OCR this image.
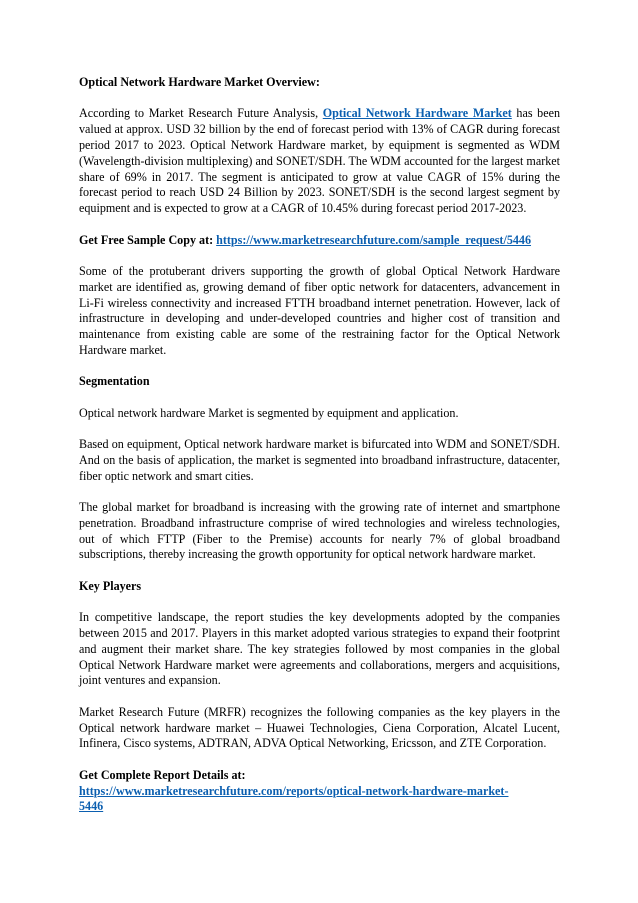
Optical Network Hardware Market Overview:

According to Market Research Future Analysis, Optical Network Hardware Market has been valued at approx. USD 32 billion by the end of forecast period with 13% of CAGR during forecast period 2017 to 2023. Optical Network Hardware market, by equipment is segmented as WDM (Wavelength-division multiplexing) and SONET/SDH. The WDM accounted for the largest market share of 69% in 2017. The segment is anticipated to grow at value CAGR of 15% during the forecast period to reach USD 24 Billion by 2023. SONET/SDH is the second largest segment by equipment and is expected to grow at a CAGR of 10.45% during forecast period 2017-2023.

Get Free Sample Copy at: https://www.marketresearchfuture.com/sample_request/5446

Some of the protuberant drivers supporting the growth of global Optical Network Hardware market are identified as, growing demand of fiber optic network for datacenters, advancement in Li-Fi wireless connectivity and increased FTTH broadband internet penetration. However, lack of infrastructure in developing and under-developed countries and higher cost of transition and maintenance from existing cable are some of the restraining factor for the Optical Network Hardware market.

Segmentation

Optical network hardware Market is segmented by equipment and application.

Based on equipment, Optical network hardware market is bifurcated into WDM and SONET/SDH. And on the basis of application, the market is segmented into broadband infrastructure, datacenter, fiber optic network and smart cities.

The global market for broadband is increasing with the growing rate of internet and smartphone penetration. Broadband infrastructure comprise of wired technologies and wireless technologies, out of which FTTP (Fiber to the Premise) accounts for nearly 7% of global broadband subscriptions, thereby increasing the growth opportunity for optical network hardware market.

Key Players

In competitive landscape, the report studies the key developments adopted by the companies between 2015 and 2017. Players in this market adopted various strategies to expand their footprint and augment their market share. The key strategies followed by most companies in the global Optical Network Hardware market were agreements and collaborations, mergers and acquisitions, joint ventures and expansion.

Market Research Future (MRFR) recognizes the following companies as the key players in the Optical network hardware market – Huawei Technologies, Ciena Corporation, Alcatel Lucent, Infinera, Cisco systems, ADTRAN, ADVA Optical Networking, Ericsson, and ZTE Corporation.

Get Complete Report Details at:

https://www.marketresearchfuture.com/reports/optical-network-hardware-market-
5446
